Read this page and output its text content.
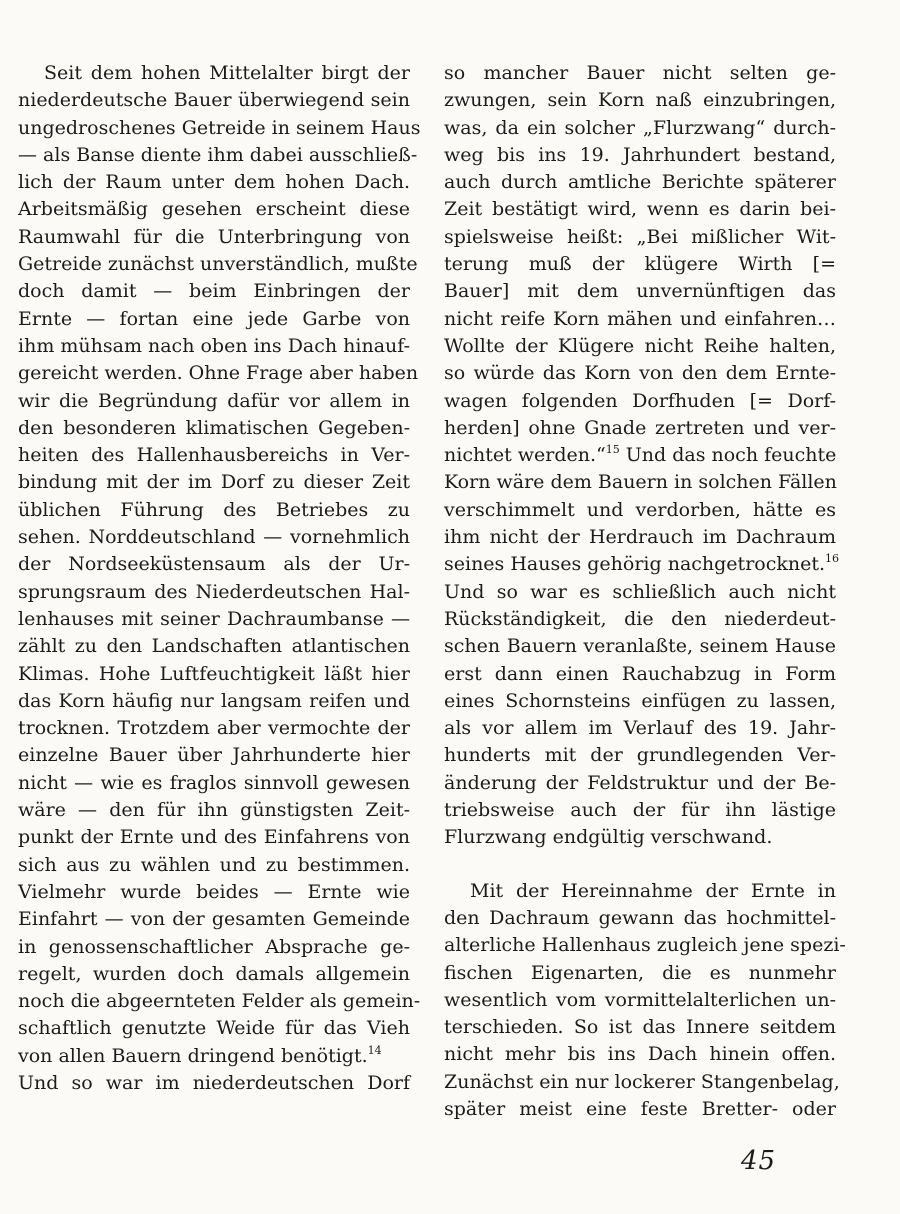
Seit dem hohen Mittelalter birgt der
niederdeutsche Bauer überwiegend sein
ungedroschenes Getreide in seinem Haus
— als Banse diente ihm dabei ausschließ-
lich der Raum unter dem hohen Dach.
Arbeitsmäßig gesehen erscheint diese
Raumwahl für die Unterbringung von
Getreide zunächst unverständlich, mußte
doch damit — beim Einbringen der
Ernte — fortan eine jede Garbe von
ihm mühsam nach oben ins Dach hinauf-
gereicht werden. Ohne Frage aber haben
wir die Begründung dafür vor allem in
den besonderen klimatischen Gegeben-
heiten des Hallenhausbereichs in Ver-
bindung mit der im Dorf zu dieser Zeit
üblichen Führung des Betriebes zu
sehen. Norddeutschland — vornehmlich
der Nordseeküstensaum als der Ur-
sprungsraum des Niederdeutschen Hal-
lenhauses mit seiner Dachraumbanse —
zählt zu den Landschaften atlantischen
Klimas. Hohe Luftfeuchtigkeit läßt hier
das Korn häufig nur langsam reifen und
trocknen. Trotzdem aber vermochte der
einzelne Bauer über Jahrhunderte hier
nicht — wie es fraglos sinnvoll gewesen
wäre — den für ihn günstigsten Zeit-
punkt der Ernte und des Einfahrens von
sich aus zu wählen und zu bestimmen.
Vielmehr wurde beides — Ernte wie
Einfahrt — von der gesamten Gemeinde
in genossenschaftlicher Absprache ge-
regelt, wurden doch damals allgemein
noch die abgeernteten Felder als gemein-
schaftlich genutzte Weide für das Vieh
von allen Bauern dringend benötigt.$^{14}$
Und so war im niederdeutschen Dorf
so mancher Bauer nicht selten ge-
zwungen, sein Korn naß einzubringen,
was, da ein solcher „Flurzwang“ durch-
weg bis ins 19. Jahrhundert bestand,
auch durch amtliche Berichte späterer
Zeit bestätigt wird, wenn es darin bei-
spielsweise heißt: „Bei mißlicher Wit-
terung muß der klügere Wirth [=
Bauer] mit dem unvernünftigen das
nicht reife Korn mähen und einfahren…
Wollte der Klügere nicht Reihe halten,
so würde das Korn von den dem Ernte-
wagen folgenden Dorfhuden [= Dorf-
herden] ohne Gnade zertreten und ver-
nichtet werden.“$^{15}$ Und das noch feuchte
Korn wäre dem Bauern in solchen Fällen
verschimmelt und verdorben, hätte es
ihm nicht der Herdrauch im Dachraum
seines Hauses gehörig nachgetrocknet.$^{16}$
Und so war es schließlich auch nicht
Rückständigkeit, die den niederdeut-
schen Bauern veranlaßte, seinem Hause
erst dann einen Rauchabzug in Form
eines Schornsteins einfügen zu lassen,
als vor allem im Verlauf des 19. Jahr-
hunderts mit der grundlegenden Ver-
änderung der Feldstruktur und der Be-
triebsweise auch der für ihn lästige
Flurzwang endgültig verschwand.
Mit der Hereinnahme der Ernte in
den Dachraum gewann das hochmittel-
alterliche Hallenhaus zugleich jene spezi-
fischen Eigenarten, die es nunmehr
wesentlich vom vormittelalterlichen un-
terschieden. So ist das Innere seitdem
nicht mehr bis ins Dach hinein offen.
Zunächst ein nur lockerer Stangenbelag,
später meist eine feste Bretter- oder
45
